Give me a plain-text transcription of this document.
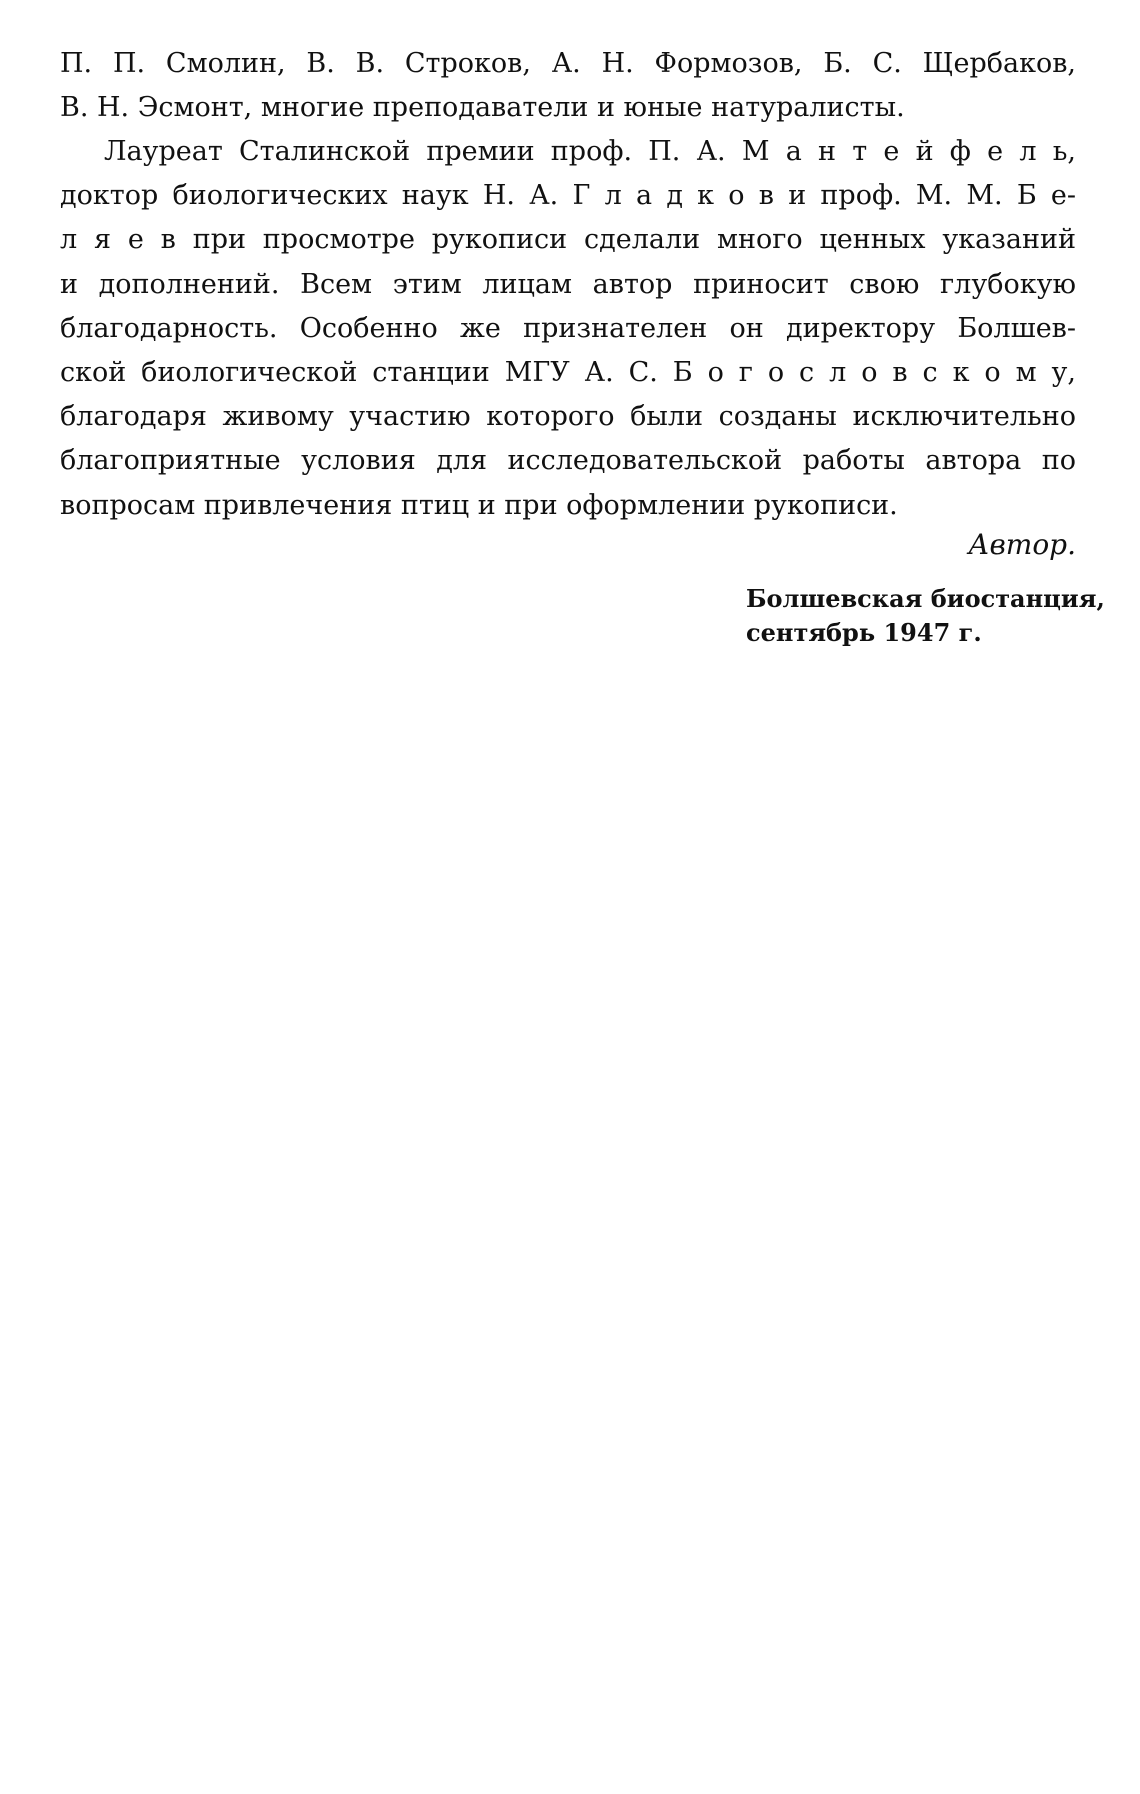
П. П. Смолин, В. В. Строков, А. Н. Формозов, Б. С. Щербаков,
В. Н. Эсмонт, многие преподаватели и юные натуралисты.
Лауреат Сталинской премии проф. П. А. М а н т е й ф е л ь,
доктор биологических наук Н. А. Г л а д к о в и проф. М. М. Б е-
л я е в при просмотре рукописи сделали много ценных указаний
и дополнений. Всем этим лицам автор приносит свою глубокую
благодарность. Особенно же признателен он директору Болшев-
ской биологической станции МГУ А. С. Б о г о с л о в с к о м у,
благодаря живому участию которого были созданы исключительно
благоприятные условия для исследовательской работы автора по
вопросам привлечения птиц и при оформлении рукописи.
Автор.
Болшевская биостанция,
сентябрь 1947 г.
